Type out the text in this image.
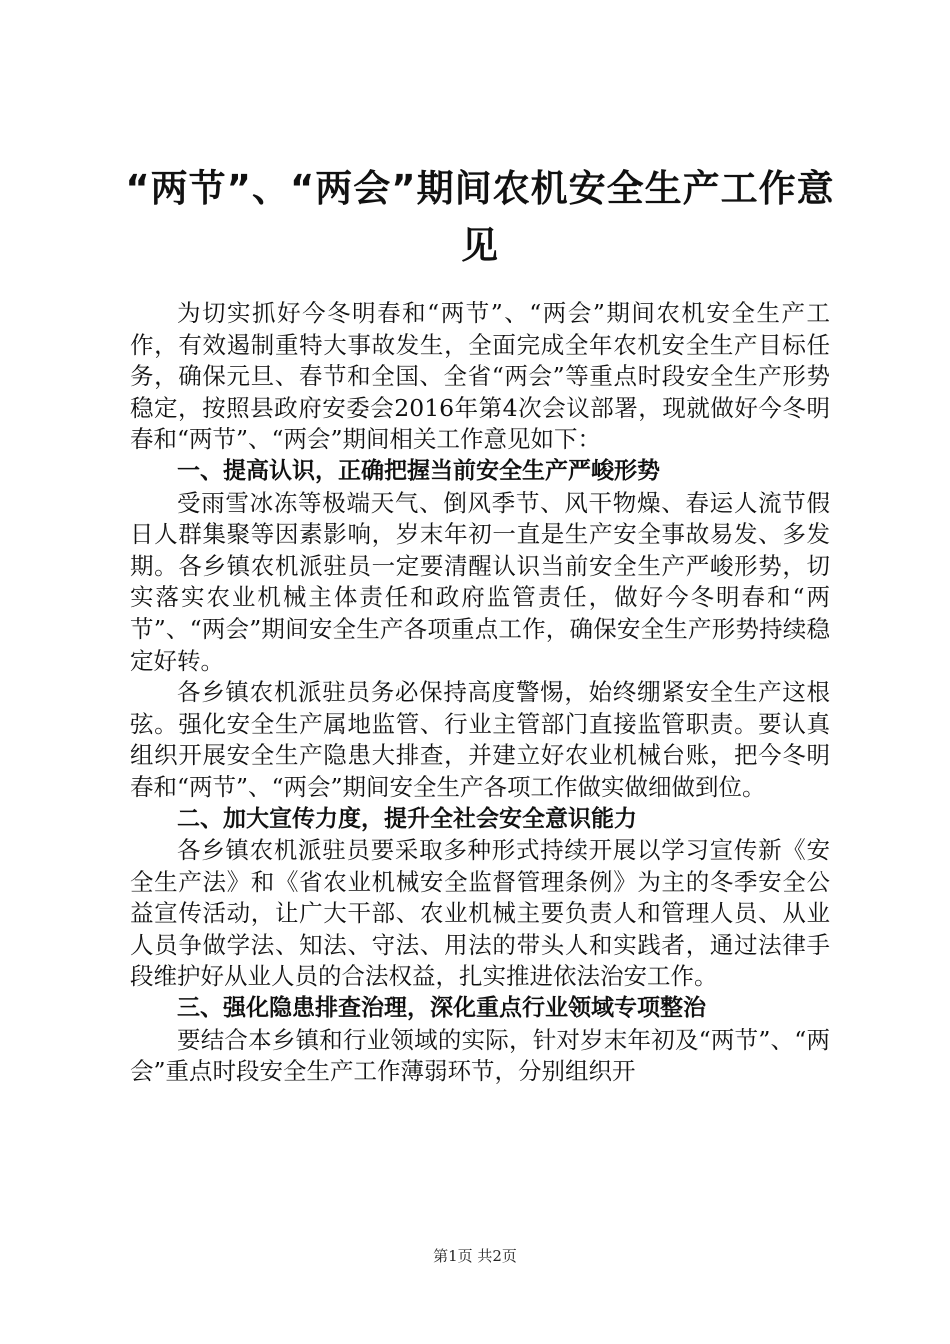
“两节”、“两会”期间农机安全生产工作意见

为切实抓好今冬明春和“两节”、“两会”期间农机安全生产工作，有效遏制重特大事故发生，全面完成全年农机安全生产目标任务，确保元旦、春节和全国、全省“两会”等重点时段安全生产形势稳定，按照县政府安委会2016年第4次会议部署，现就做好今冬明春和“两节”、“两会”期间相关工作意见如下：

一、提高认识，正确把握当前安全生产严峻形势

受雨雪冰冻等极端天气、倒风季节、风干物燥、春运人流节假日人群集聚等因素影响，岁末年初一直是生产安全事故易发、多发期。各乡镇农机派驻员一定要清醒认识当前安全生产严峻形势，切实落实农业机械主体责任和政府监管责任，做好今冬明春和“两节”、“两会”期间安全生产各项重点工作，确保安全生产形势持续稳定好转。

各乡镇农机派驻员务必保持高度警惕，始终绷紧安全生产这根弦。强化安全生产属地监管、行业主管部门直接监管职责。要认真组织开展安全生产隐患大排查，并建立好农业机械台账，把今冬明春和“两节”、“两会”期间安全生产各项工作做实做细做到位。

二、加大宣传力度，提升全社会安全意识能力

各乡镇农机派驻员要采取多种形式持续开展以学习宣传新《安全生产法》和《省农业机械安全监督管理条例》为主的冬季安全公益宣传活动，让广大干部、农业机械主要负责人和管理人员、从业人员争做学法、知法、守法、用法的带头人和实践者，通过法律手段维护好从业人员的合法权益，扎实推进依法治安工作。

三、强化隐患排查治理，深化重点行业领域专项整治

要结合本乡镇和行业领域的实际，针对岁末年初及“两节”、“两会”重点时段安全生产工作薄弱环节，分别组织开

第1页 共2页
